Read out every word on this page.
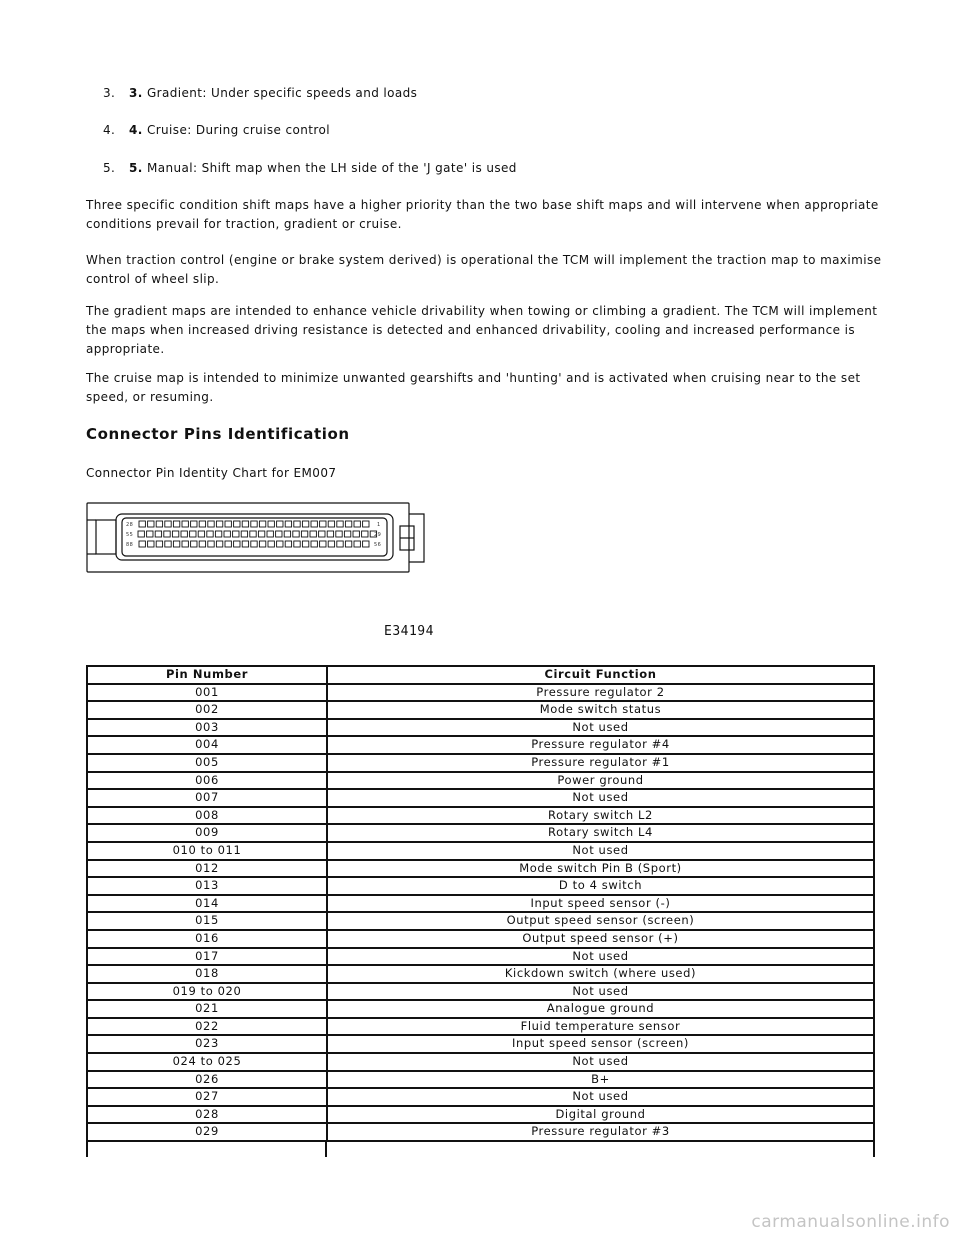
3. 3. Gradient: Under specific speeds and loads
4. 4. Cruise: During cruise control
5. 5. Manual: Shift map when the LH side of the 'J gate' is used

Three specific condition shift maps have a higher priority than the two base shift maps and will intervene when appropriate conditions prevail for traction, gradient or cruise.

When traction control (engine or brake system derived) is operational the TCM will implement the traction map to maximise control of wheel slip.

The gradient maps are intended to enhance vehicle drivability when towing or climbing a gradient. The TCM will implement the maps when increased driving resistance is detected and enhanced drivability, cooling and increased performance is appropriate.

The cruise map is intended to minimize unwanted gearshifts and 'hunting' and is activated when cruising near to the set speed, or resuming.

Connector Pins Identification
Connector Pin Identity Chart for EM007
28
55
88
1
29
56
E34194
Pin Number	Circuit Function
001	Pressure regulator 2
002	Mode switch status
003	Not used
004	Pressure regulator #4
005	Pressure regulator #1
006	Power ground
007	Not used
008	Rotary switch L2
009	Rotary switch L4
010 to 011	Not used
012	Mode switch Pin B (Sport)
013	D to 4 switch
014	Input speed sensor (-)
015	Output speed sensor (screen)
016	Output speed sensor (+)
017	Not used
018	Kickdown switch (where used)
019 to 020	Not used
021	Analogue ground
022	Fluid temperature sensor
023	Input speed sensor (screen)
024 to 025	Not used
026	B+
027	Not used
028	Digital ground
029	Pressure regulator #3
carmanualsonline.info
